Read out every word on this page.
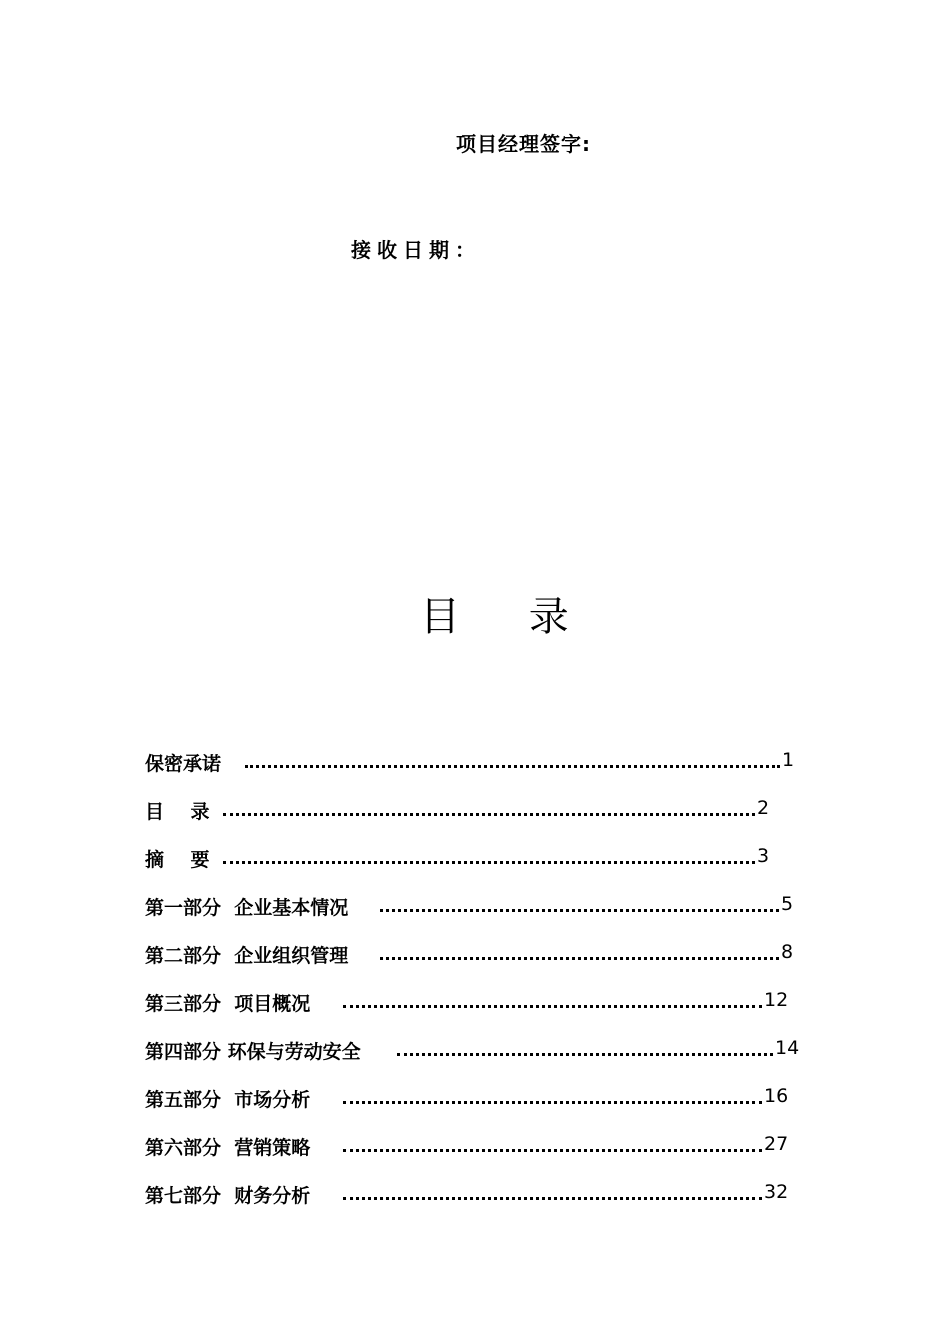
项目经理签字:
接收日期：
目 录
保密承诺	1
目    录	2
摘    要	3
第一部分  企业基本情况	5
第二部分  企业组织管理	8
第三部分  项目概况	12
第四部分 环保与劳动安全	14
第五部分  市场分析	16
第六部分  营销策略	27
第七部分  财务分析	32
